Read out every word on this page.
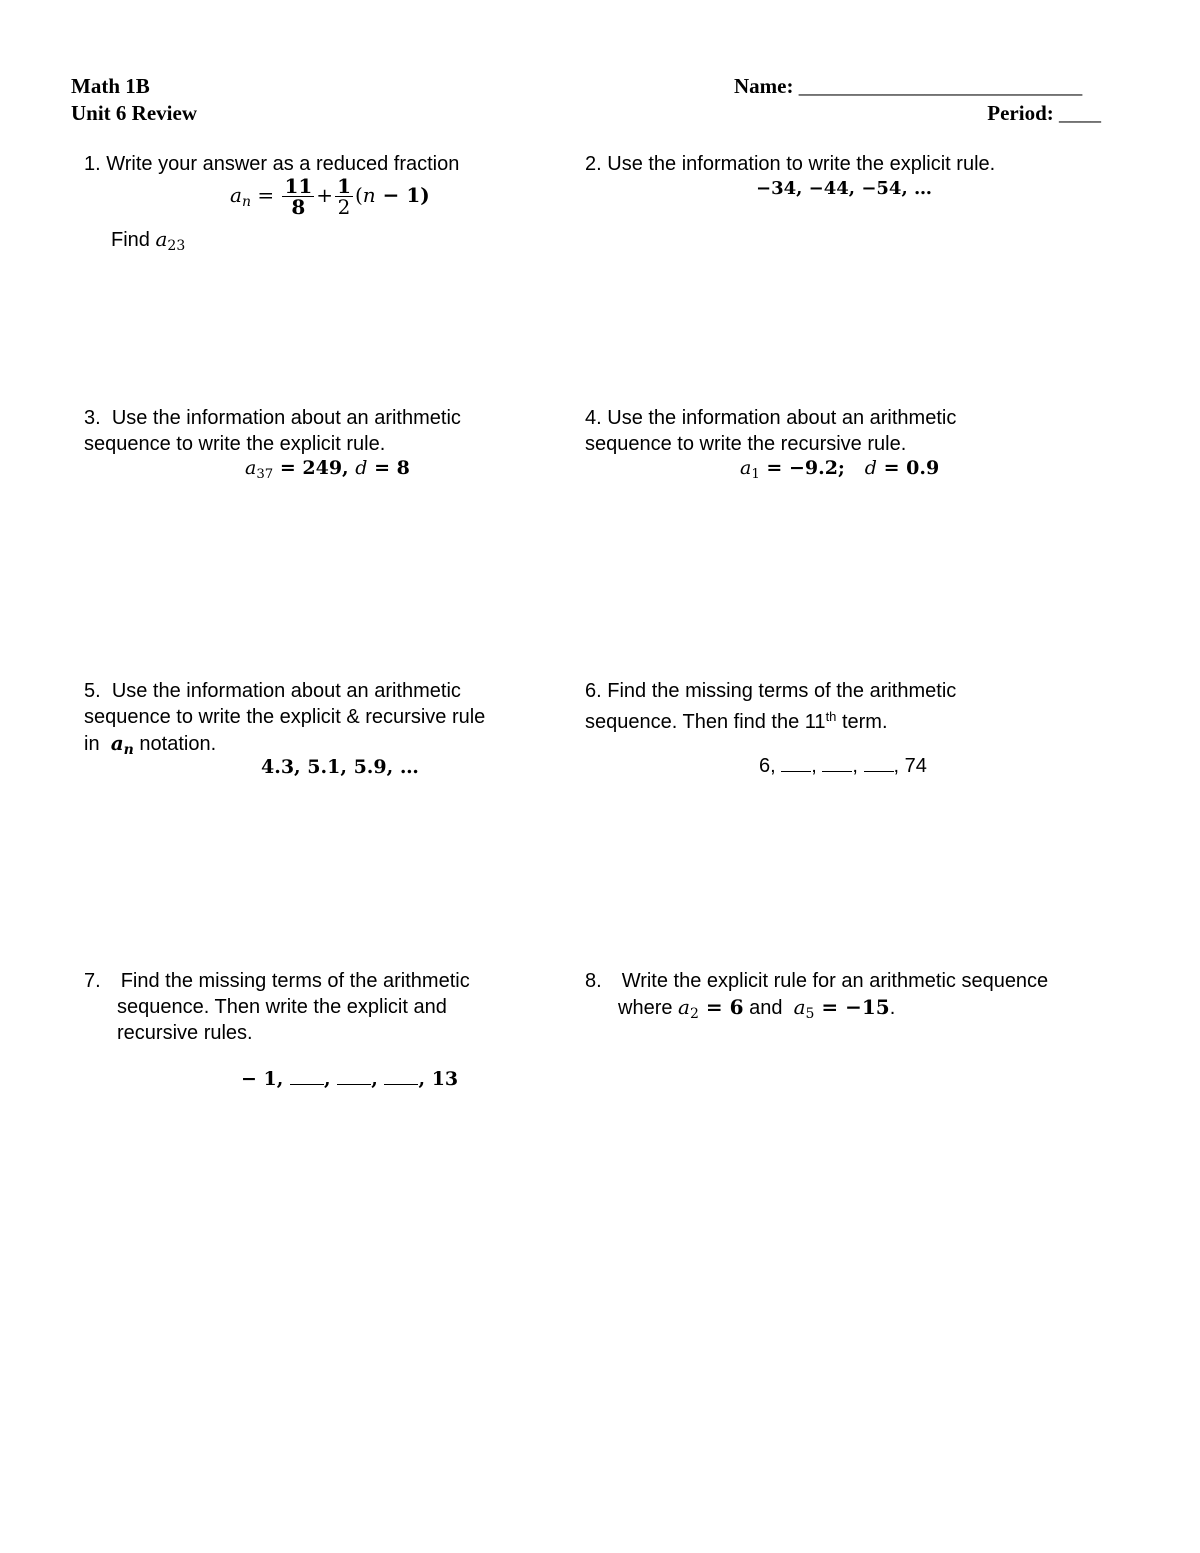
Math 1B
Unit 6 Review
Name: ___________________________
Period: ____
1. Write your answer as a reduced fraction
$a_n = \frac{11}{8} + \frac{1}{2} (n - 1)$
Find $a_{23}$
2. Use the information to write the explicit rule.
−34, −44, −54, …
3. Use the information about an arithmetic
sequence to write the explicit rule.
$a_{37} = 249$, d = 8
4. Use the information about an arithmetic
sequence to write the recursive rule.
$a_1 = -9.2$;   d = 0.9
5. Use the information about an arithmetic
sequence to write the explicit & recursive rule
in $a_n$ notation.
4.3, 5.1, 5.9, …
6. Find the missing terms of the arithmetic
sequence. Then find the 11th term.
6, , , , 74
7. Find the missing terms of the arithmetic
sequence. Then write the explicit and
recursive rules.
− 1, , , , 13
8. Write the explicit rule for an arithmetic sequence
where $a_2 = 6$ and $a_5 = -15$.
